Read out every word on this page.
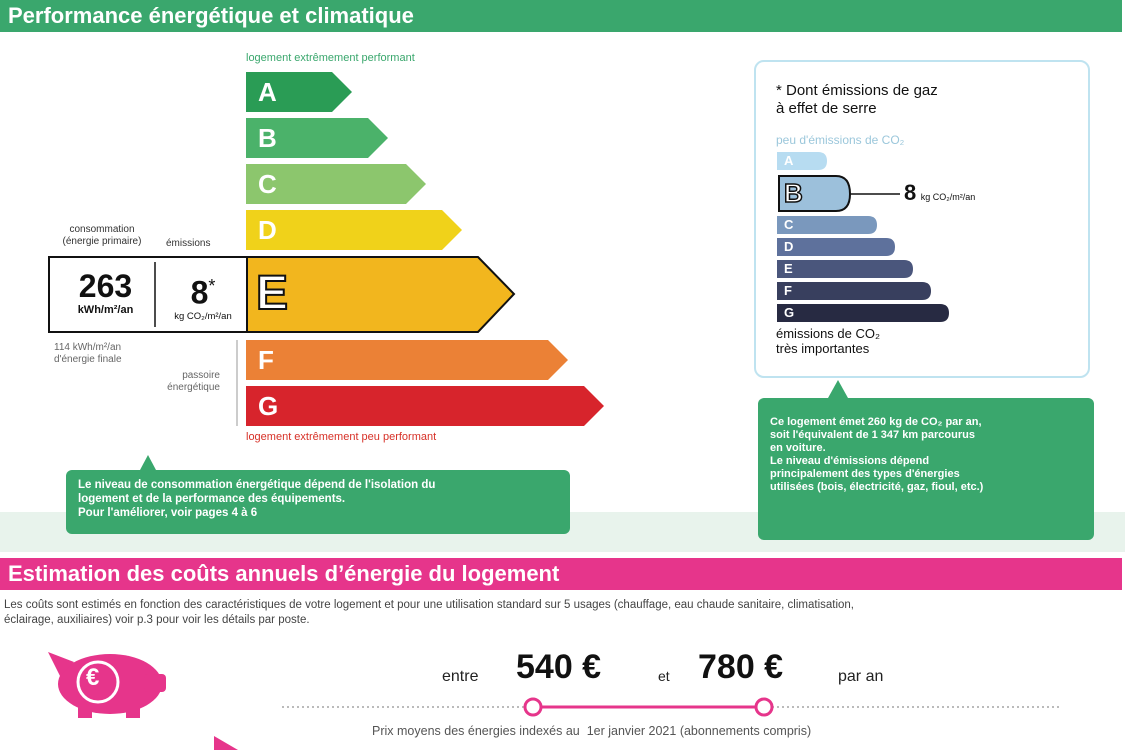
Performance énergétique et climatique
logement extrêmement performant
A
B
C
D
E
F
G
logement extrêmement peu performant
consommation
(énergie primaire)	émissions
263
kWh/m²/an	8*
kg CO₂/m²/an
114 kWh/m²/an
d'énergie finale
passoire
énergétique
Le niveau de consommation énergétique dépend de l'isolation du
logement et de la performance des équipements.
Pour l'améliorer, voir pages 4 à 6
* Dont émissions de gaz
à effet de serre
peu d'émissions de CO₂
A
B
C
D
E
F
G
8 kg CO₂/m²/an
émissions de CO₂
très importantes
Ce logement émet 260 kg de CO₂ par an,
soit l'équivalent de 1 347 km parcourus
en voiture.
Le niveau d'émissions dépend
principalement des types d'énergies
utilisées (bois, électricité, gaz, fioul, etc.)
Estimation des coûts annuels d’énergie du logement
Les coûts sont estimés en fonction des caractéristiques de votre logement et pour une utilisation standard sur 5 usages (chauffage, eau chaude sanitaire, climatisation,
éclairage, auxiliaires) voir p.3 pour voir les détails par poste.
€	entre 540 €	et 780 €	par an
Prix moyens des énergies indexés au  1er janvier 2021 (abonnements compris)
